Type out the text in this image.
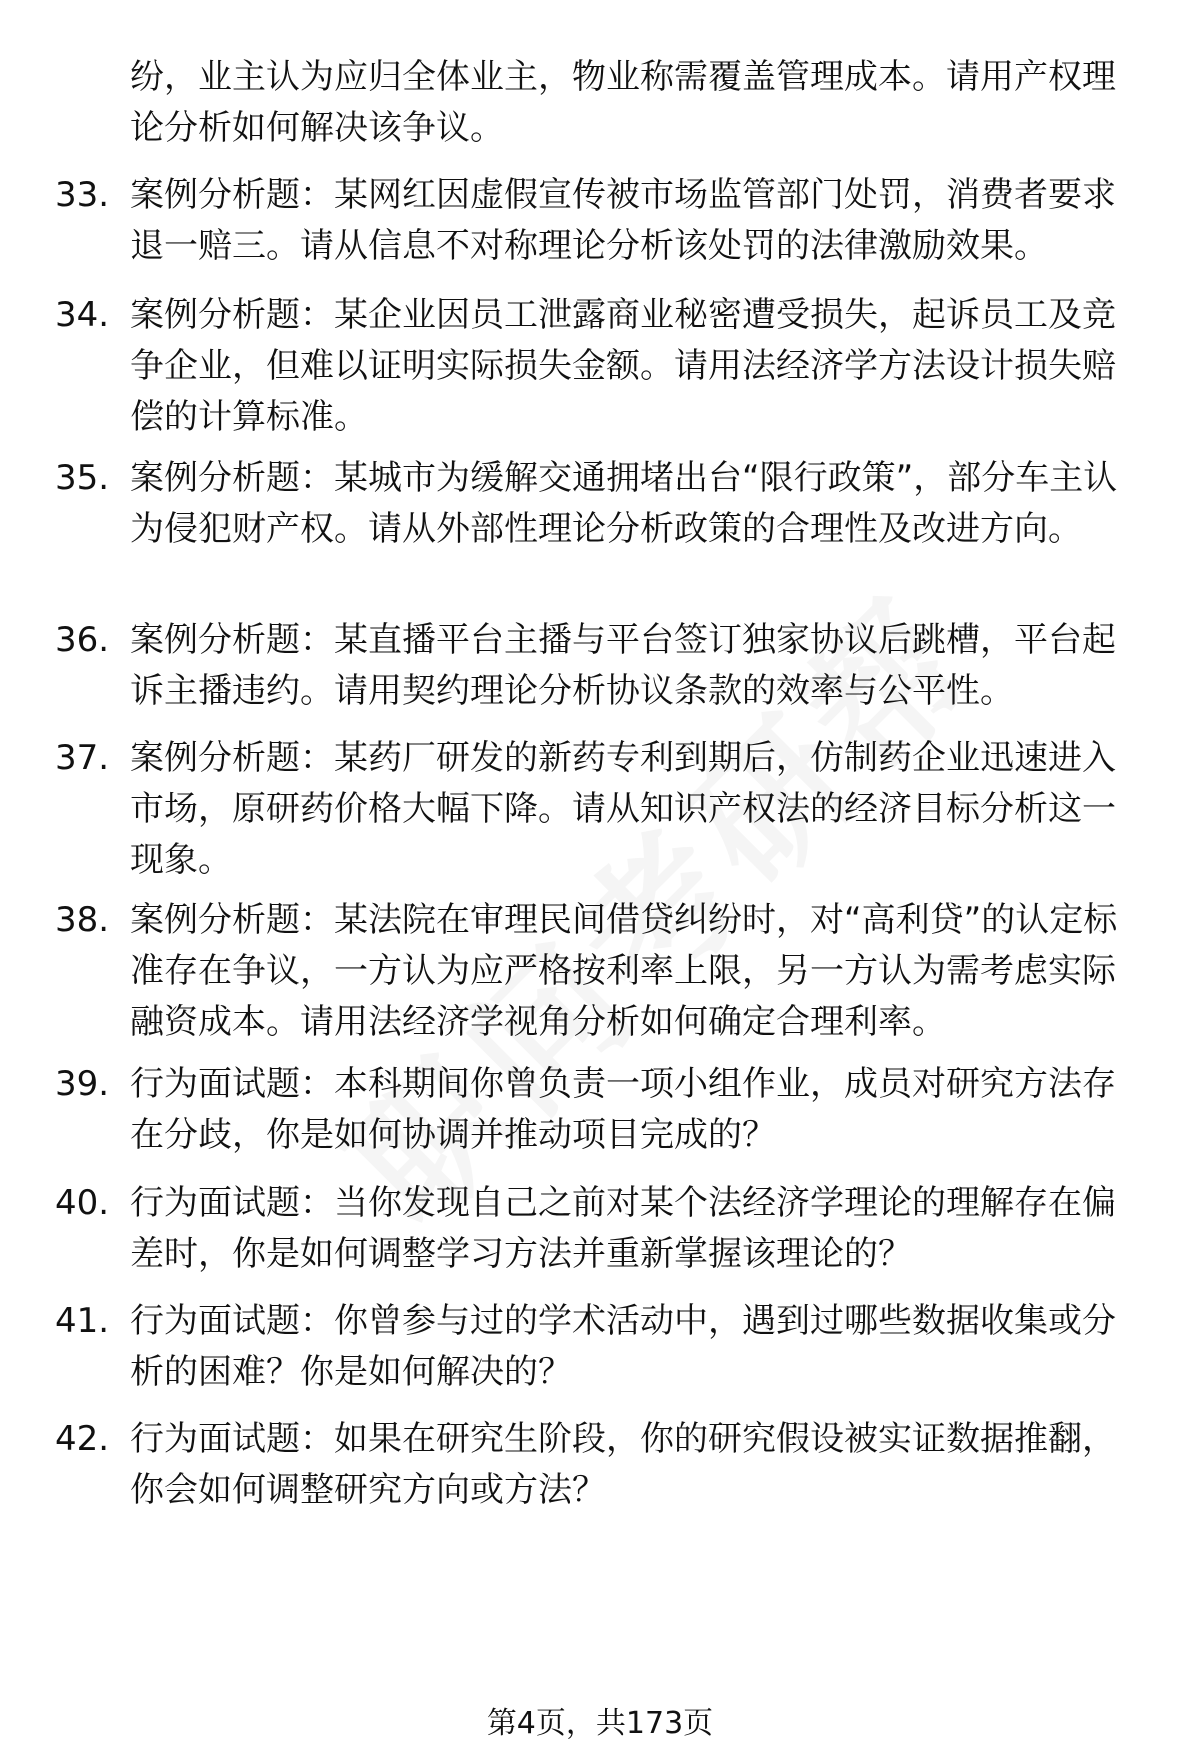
纷，业主认为应归全体业主，物业称需覆盖管理成本。请用产权理论分析如何解决该争议。
33. 案例分析题：某网红因虚假宣传被市场监管部门处罚，消费者要求退一赔三。请从信息不对称理论分析该处罚的法律激励效果。
34. 案例分析题：某企业因员工泄露商业秘密遭受损失，起诉员工及竞争企业，但难以证明实际损失金额。请用法经济学方法设计损失赔偿的计算标准。
35. 案例分析题：某城市为缓解交通拥堵出台“限行政策”，部分车主认为侵犯财产权。请从外部性理论分析政策的合理性及改进方向。
36. 案例分析题：某直播平台主播与平台签订独家协议后跳槽，平台起诉主播违约。请用契约理论分析协议条款的效率与公平性。
37. 案例分析题：某药厂研发的新药专利到期后，仿制药企业迅速进入市场，原研药价格大幅下降。请从知识产权法的经济目标分析这一现象。
38. 案例分析题：某法院在审理民间借贷纠纷时，对“高利贷”的认定标准存在争议，一方认为应严格按利率上限，另一方认为需考虑实际融资成本。请用法经济学视角分析如何确定合理利率。
39. 行为面试题：本科期间你曾负责一项小组作业，成员对研究方法存在分歧，你是如何协调并推动项目完成的？
40. 行为面试题：当你发现自己之前对某个法经济学理论的理解存在偏差时，你是如何调整学习方法并重新掌握该理论的？
41. 行为面试题：你曾参与过的学术活动中，遇到过哪些数据收集或分析的困难？你是如何解决的？
42. 行为面试题：如果在研究生阶段，你的研究假设被实证数据推翻，你会如何调整研究方向或方法？
第4页，共173页
